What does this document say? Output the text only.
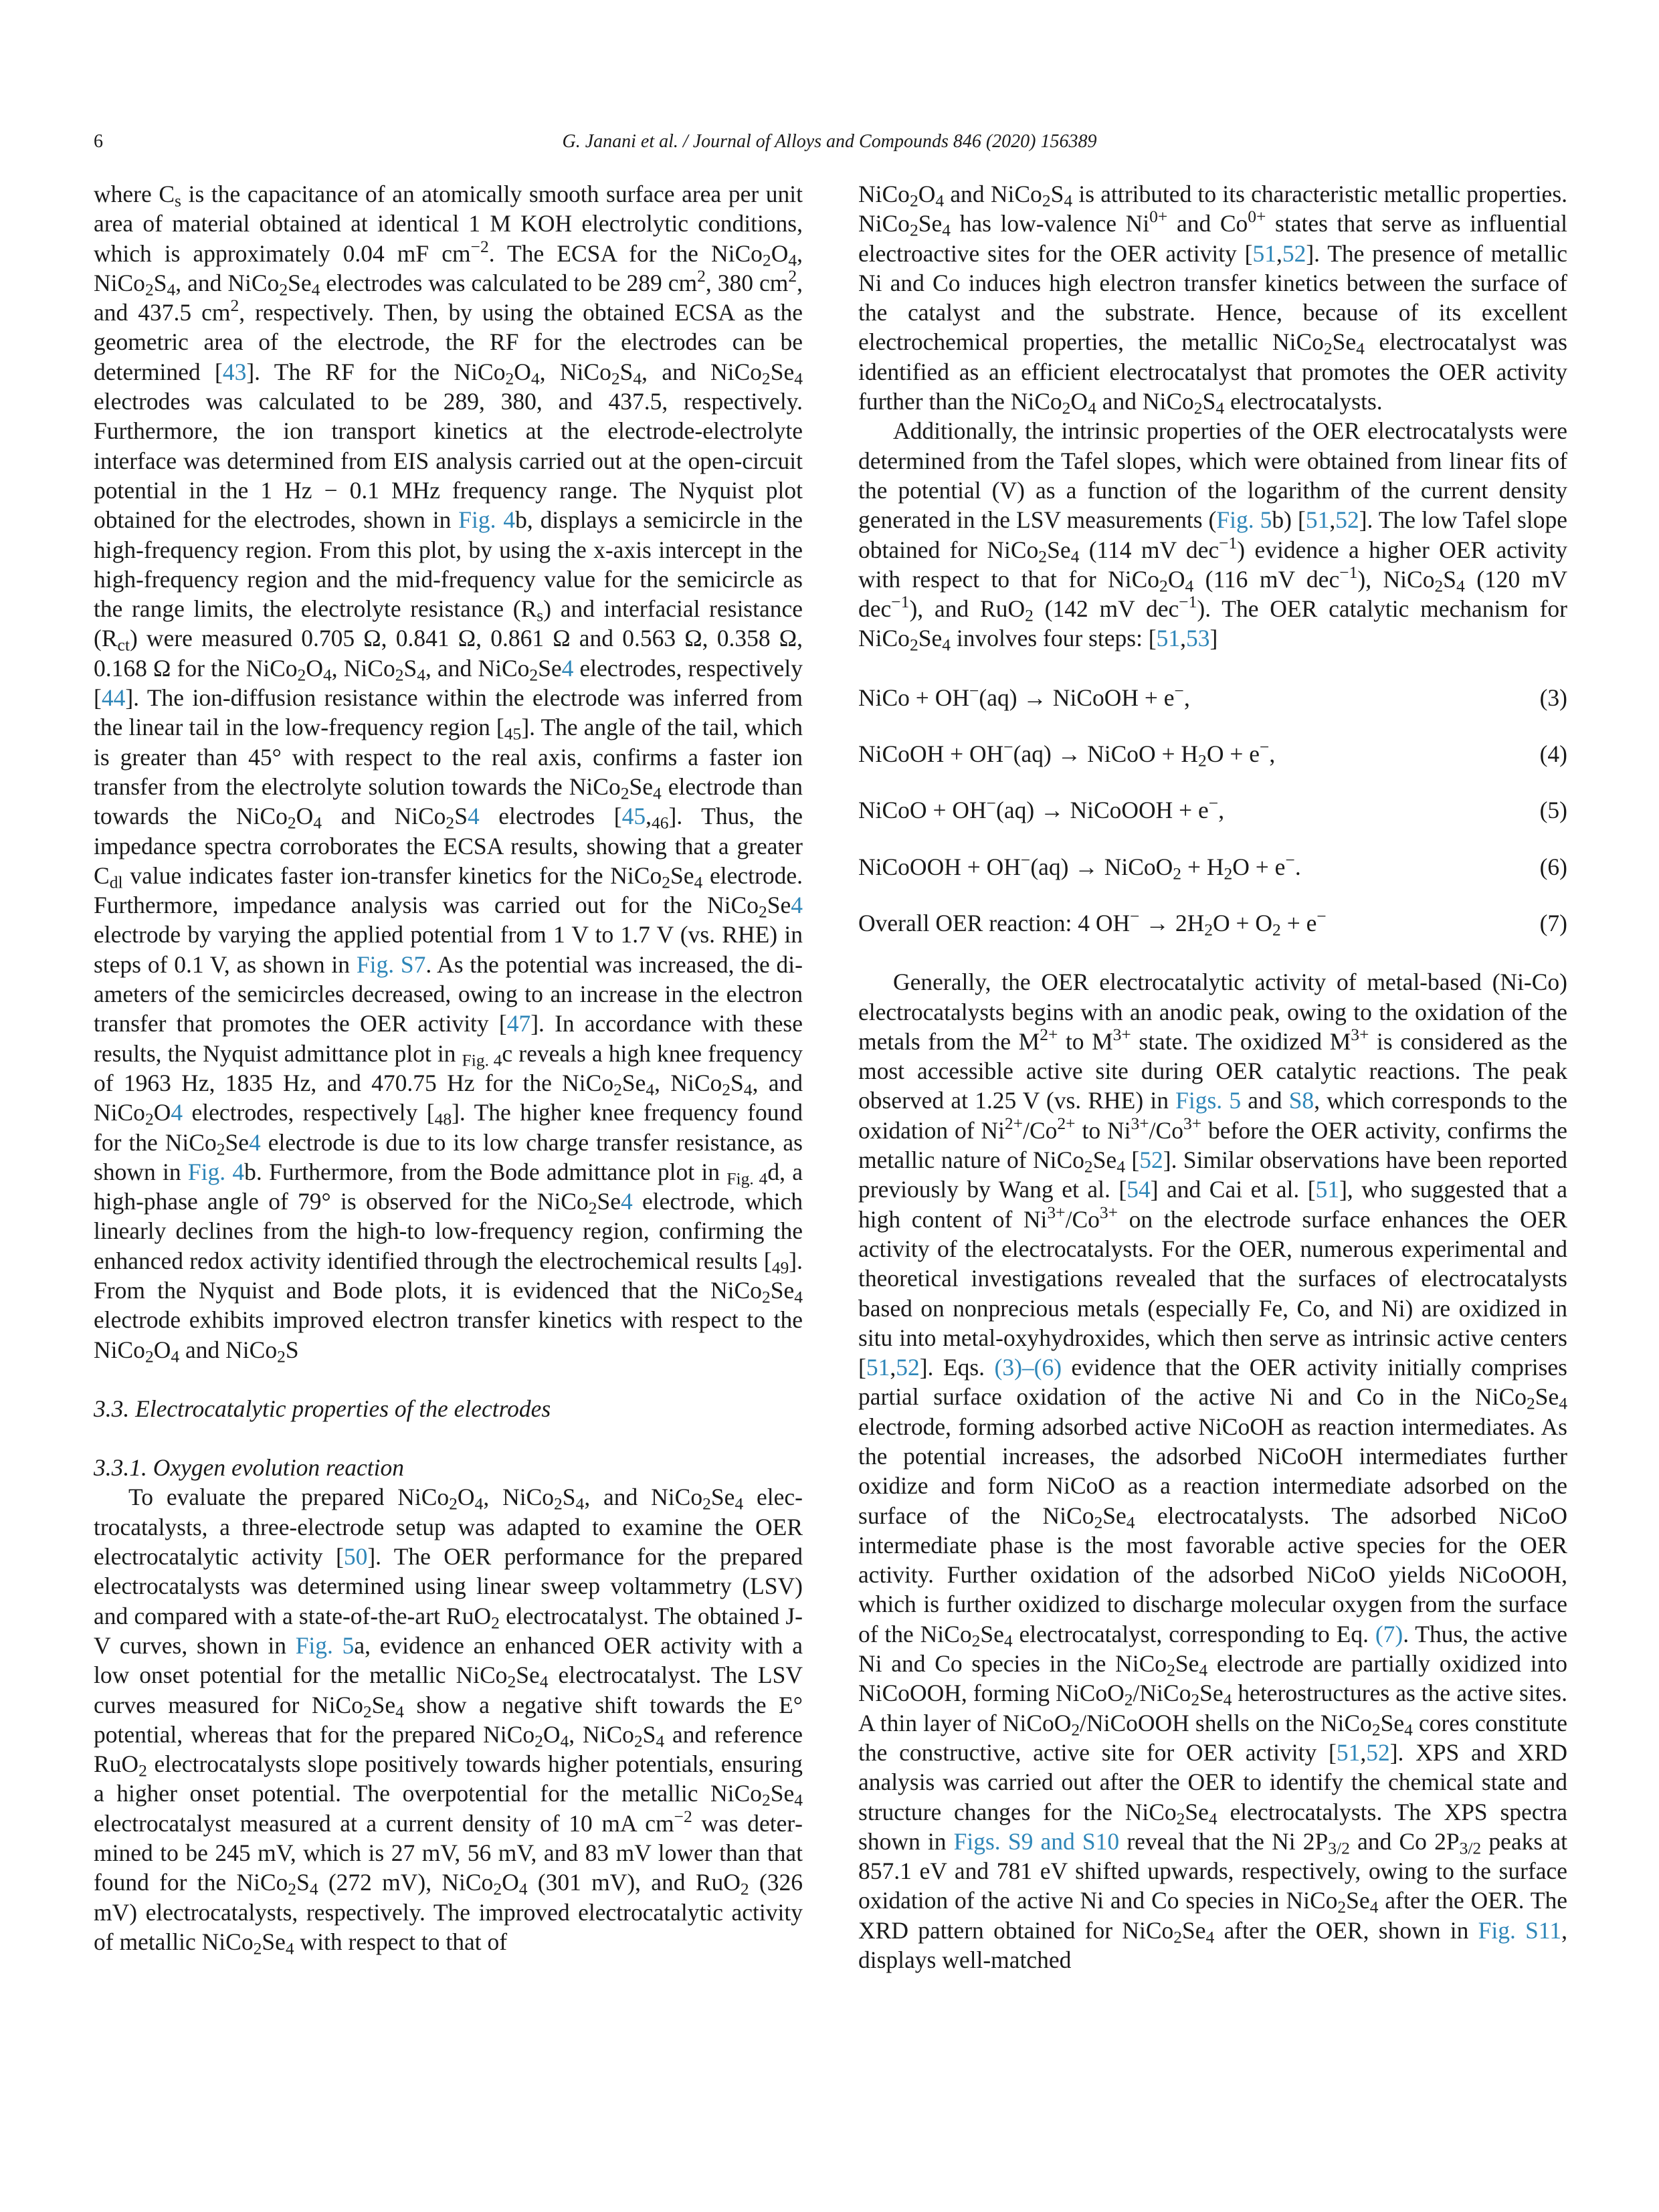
6	G. Janani et al. / Journal of Alloys and Compounds 846 (2020) 156389

where $C_s$ is the capacitance of an atomically smooth surface area per unit area of material obtained at identical 1 M KOH electrolytic conditions, which is approximately 0.04 mF $cm^{-2}$. The ECSA for the $NiCo_2O_4$, $NiCo_2S_4$, and $NiCo_2Se_4$ electrodes was calculated to be 289 $cm^2$, 380 $cm^2$, and 437.5 $cm^2$, respectively. Then, by using the obtained ECSA as the geometric area of the electrode, the RF for the electrodes can be determined [43]. The RF for the $NiCo_2O_4$, $NiCo_2S_4$, and $NiCo_2Se_4$ electrodes was calculated to be 289, 380, and 437.5, respectively. Furthermore, the ion transport kinetics at the electrode-electrolyte interface was determined from EIS analysis carried out at the open-circuit potential in the 1 Hz − 0.1 MHz frequency range. The Nyquist plot obtained for the electrodes, shown in Fig. 4b, displays a semicircle in the high-frequency region. From this plot, by using the x-axis intercept in the high-frequency region and the mid-frequency value for the semicircle as the range limits, the electrolyte resistance $(R_s)$ and interfacial resistance $(R_{ct})$ were measured 0.705 Ω, 0.841 Ω, 0.861 Ω and 0.563 Ω, 0.358 Ω, 0.168 Ω for the $NiCo_2O_4$, $NiCo_2S_4$, and NiCo$_2$Se4 electrodes, respectively [44]. The ion-diffusion resistance within the electrode was inferred from the linear tail in the low-frequency region $[_{45}]$. The angle of the tail, which is greater than 45° with respect to the real axis, confirms a faster ion transfer from the electrolyte solution towards the $NiCo_2Se_4$ electrode than towards the $NiCo_2O_4$ and NiCo$_2$S4 electrodes $[45,_{46}]$. Thus, the impedance spectra corroborates the ECSA results, showing that a greater $C_{dl}$ value indicates faster ion-transfer kinetics for the $NiCo_2Se_4$ electrode. Furthermore, impedance analysis was carried out for the NiCo$_2$Se4 electrode by varying the applied potential from 1 V to 1.7 V (vs. RHE) in steps of 0.1 V, as shown in Fig. S7. As the potential was increased, the diameters of the semicircles decreased, owing to an increase in the electron transfer that promotes the OER activity [47]. In accordance with these results, the Nyquist admittance plot in $_{Fig. 4}$c reveals a high knee frequency of 1963 Hz, 1835 Hz, and 470.75 Hz for the $NiCo_2Se_4$, $NiCo_2S_4$, and NiCo$_2$O4 electrodes, respectively $[_{48}]$. The higher knee frequency found for the NiCo$_2$Se4 electrode is due to its low charge transfer resistance, as shown in Fig. 4b. Furthermore, from the Bode admittance plot in $_{Fig. 4}$d, a high-phase angle of 79° is observed for the NiCo$_2$Se4 electrode, which linearly declines from the high-to low-frequency region, confirming the enhanced redox activity identified through the electrochemical results $[_{49}]$. From the Nyquist and Bode plots, it is evidenced that the $NiCo_2Se_4$ electrode exhibits improved electron transfer kinetics with respect to the $NiCo_2O_4$ and NiCo$_2$S

3.3. Electrocatalytic properties of the electrodes

3.3.1. Oxygen evolution reaction

To evaluate the prepared $NiCo_2O_4$, $NiCo_2S_4$, and $NiCo_2Se_4$ electrocatalysts, a three-electrode setup was adapted to examine the OER electrocatalytic activity [50]. The OER performance for the prepared electrocatalysts was determined using linear sweep voltammetry (LSV) and compared with a state-of-the-art RuO$_2$ electrocatalyst. The obtained J-V curves, shown in Fig. 5a, evidence an enhanced OER activity with a low onset potential for the metallic $NiCo_2Se_4$ electrocatalyst. The LSV curves measured for $NiCo_2Se_4$ show a negative shift towards the E° potential, whereas that for the prepared $NiCo_2O_4$, $NiCo_2S_4$ and reference RuO$_2$ electrocatalysts slope positively towards higher potentials, ensuring a higher onset potential. The overpotential for the metallic $NiCo_2Se_4$ electrocatalyst measured at a current density of 10 mA $cm^{-2}$ was determined to be 245 mV, which is 27 mV, 56 mV, and 83 mV lower than that found for the $NiCo_2S_4$ (272 mV), $NiCo_2O_4$ (301 mV), and RuO$_2$ (326 mV) electrocatalysts, respectively. The improved electrocatalytic activity of metallic $NiCo_2Se_4$ with respect to that of

$NiCo_2O_4$ and $NiCo_2S_4$ is attributed to its characteristic metallic properties. $NiCo_2Se_4$ has low-valence $Ni^{0+}$ and $Co^{0+}$ states that serve as influential electroactive sites for the OER activity [51,52]. The presence of metallic Ni and Co induces high electron transfer kinetics between the surface of the catalyst and the substrate. Hence, because of its excellent electrochemical properties, the metallic $NiCo_2Se_4$ electrocatalyst was identified as an efficient electrocatalyst that promotes the OER activity further than the $NiCo_2O_4$ and $NiCo_2S_4$ electrocatalysts.

Additionally, the intrinsic properties of the OER electrocatalysts were determined from the Tafel slopes, which were obtained from linear fits of the potential (V) as a function of the logarithm of the current density generated in the LSV measurements (Fig. 5b) [51,52]. The low Tafel slope obtained for $NiCo_2Se_4$ (114 mV dec$^{-1}$) evidence a higher OER activity with respect to that for $NiCo_2O_4$ (116 mV dec$^{-1}$), $NiCo_2S_4$ (120 mV dec$^{-1}$), and RuO$_2$ (142 mV dec$^{-1}$). The OER catalytic mechanism for $NiCo_2Se_4$ involves four steps: [51,53]

NiCo + OH−(aq) → NiCoOH + e−,	(3)

NiCoOH + OH−(aq) → NiCoO + $H_2O + e^-$,	(4)

NiCoO + OH−(aq) → NiCoOOH + e−,	(5)

NiCoOOH + OH−(aq) → NiCoO$_2$ + $H_2O + e^-$.	(6)

Overall OER reaction: 4 $OH^- \to 2H_2O + O_2 + e^-$	(7)

Generally, the OER electrocatalytic activity of metal-based (Ni-Co) electrocatalysts begins with an anodic peak, owing to the oxidation of the metals from the $M^{2+}$ to $M^{3+}$ state. The oxidized $M^{3+}$ is considered as the most accessible active site during OER catalytic reactions. The peak observed at 1.25 V (vs. RHE) in Figs. 5 and S8, which corresponds to the oxidation of $Ni^{2+}/Co^{2+}$ to $Ni^{3+}/Co^{3+}$ before the OER activity, confirms the metallic nature of $NiCo_2Se_4$ [52]. Similar observations have been reported previously by Wang et al. [54] and Cai et al. [51], who suggested that a high content of $Ni^{3+}/Co^{3+}$ on the electrode surface enhances the OER activity of the electrocatalysts. For the OER, numerous experimental and theoretical investigations revealed that the surfaces of electrocatalysts based on nonprecious metals (especially Fe, Co, and Ni) are oxidized in situ into metal-oxyhydroxides, which then serve as intrinsic active centers [51,52]. Eqs. (3)–(6) evidence that the OER activity initially comprises partial surface oxidation of the active Ni and Co in the $NiCo_2Se_4$ electrode, forming adsorbed active NiCoOH as reaction intermediates. As the potential increases, the adsorbed NiCoOH intermediates further oxidize and form NiCoO as a reaction intermediate adsorbed on the surface of the $NiCo_2Se_4$ electrocatalysts. The adsorbed NiCoO intermediate phase is the most favorable active species for the OER activity. Further oxidation of the adsorbed NiCoO yields NiCoOOH, which is further oxidized to discharge molecular oxygen from the surface of the $NiCo_2Se_4$ electrocatalyst, corresponding to Eq. (7). Thus, the active Ni and Co species in the $NiCo_2Se_4$ electrode are partially oxidized into NiCoOOH, forming $NiCoO_2/NiCo_2Se_4$ heterostructures as the active sites. A thin layer of NiCoO$_2$/NiCoOOH shells on the $NiCo_2Se_4$ cores constitute the constructive, active site for OER activity [51,52]. XPS and XRD analysis was carried out after the OER to identify the chemical state and structure changes for the $NiCo_2Se_4$ electrocatalysts. The XPS spectra shown in Figs. S9 and S10 reveal that the Ni $2P_{3/2}$ and Co $2P_{3/2}$ peaks at 857.1 eV and 781 eV shifted upwards, respectively, owing to the surface oxidation of the active Ni and Co species in $NiCo_2Se_4$ after the OER. The XRD pattern obtained for $NiCo_2Se_4$ after the OER, shown in Fig. S11, displays well-matched
